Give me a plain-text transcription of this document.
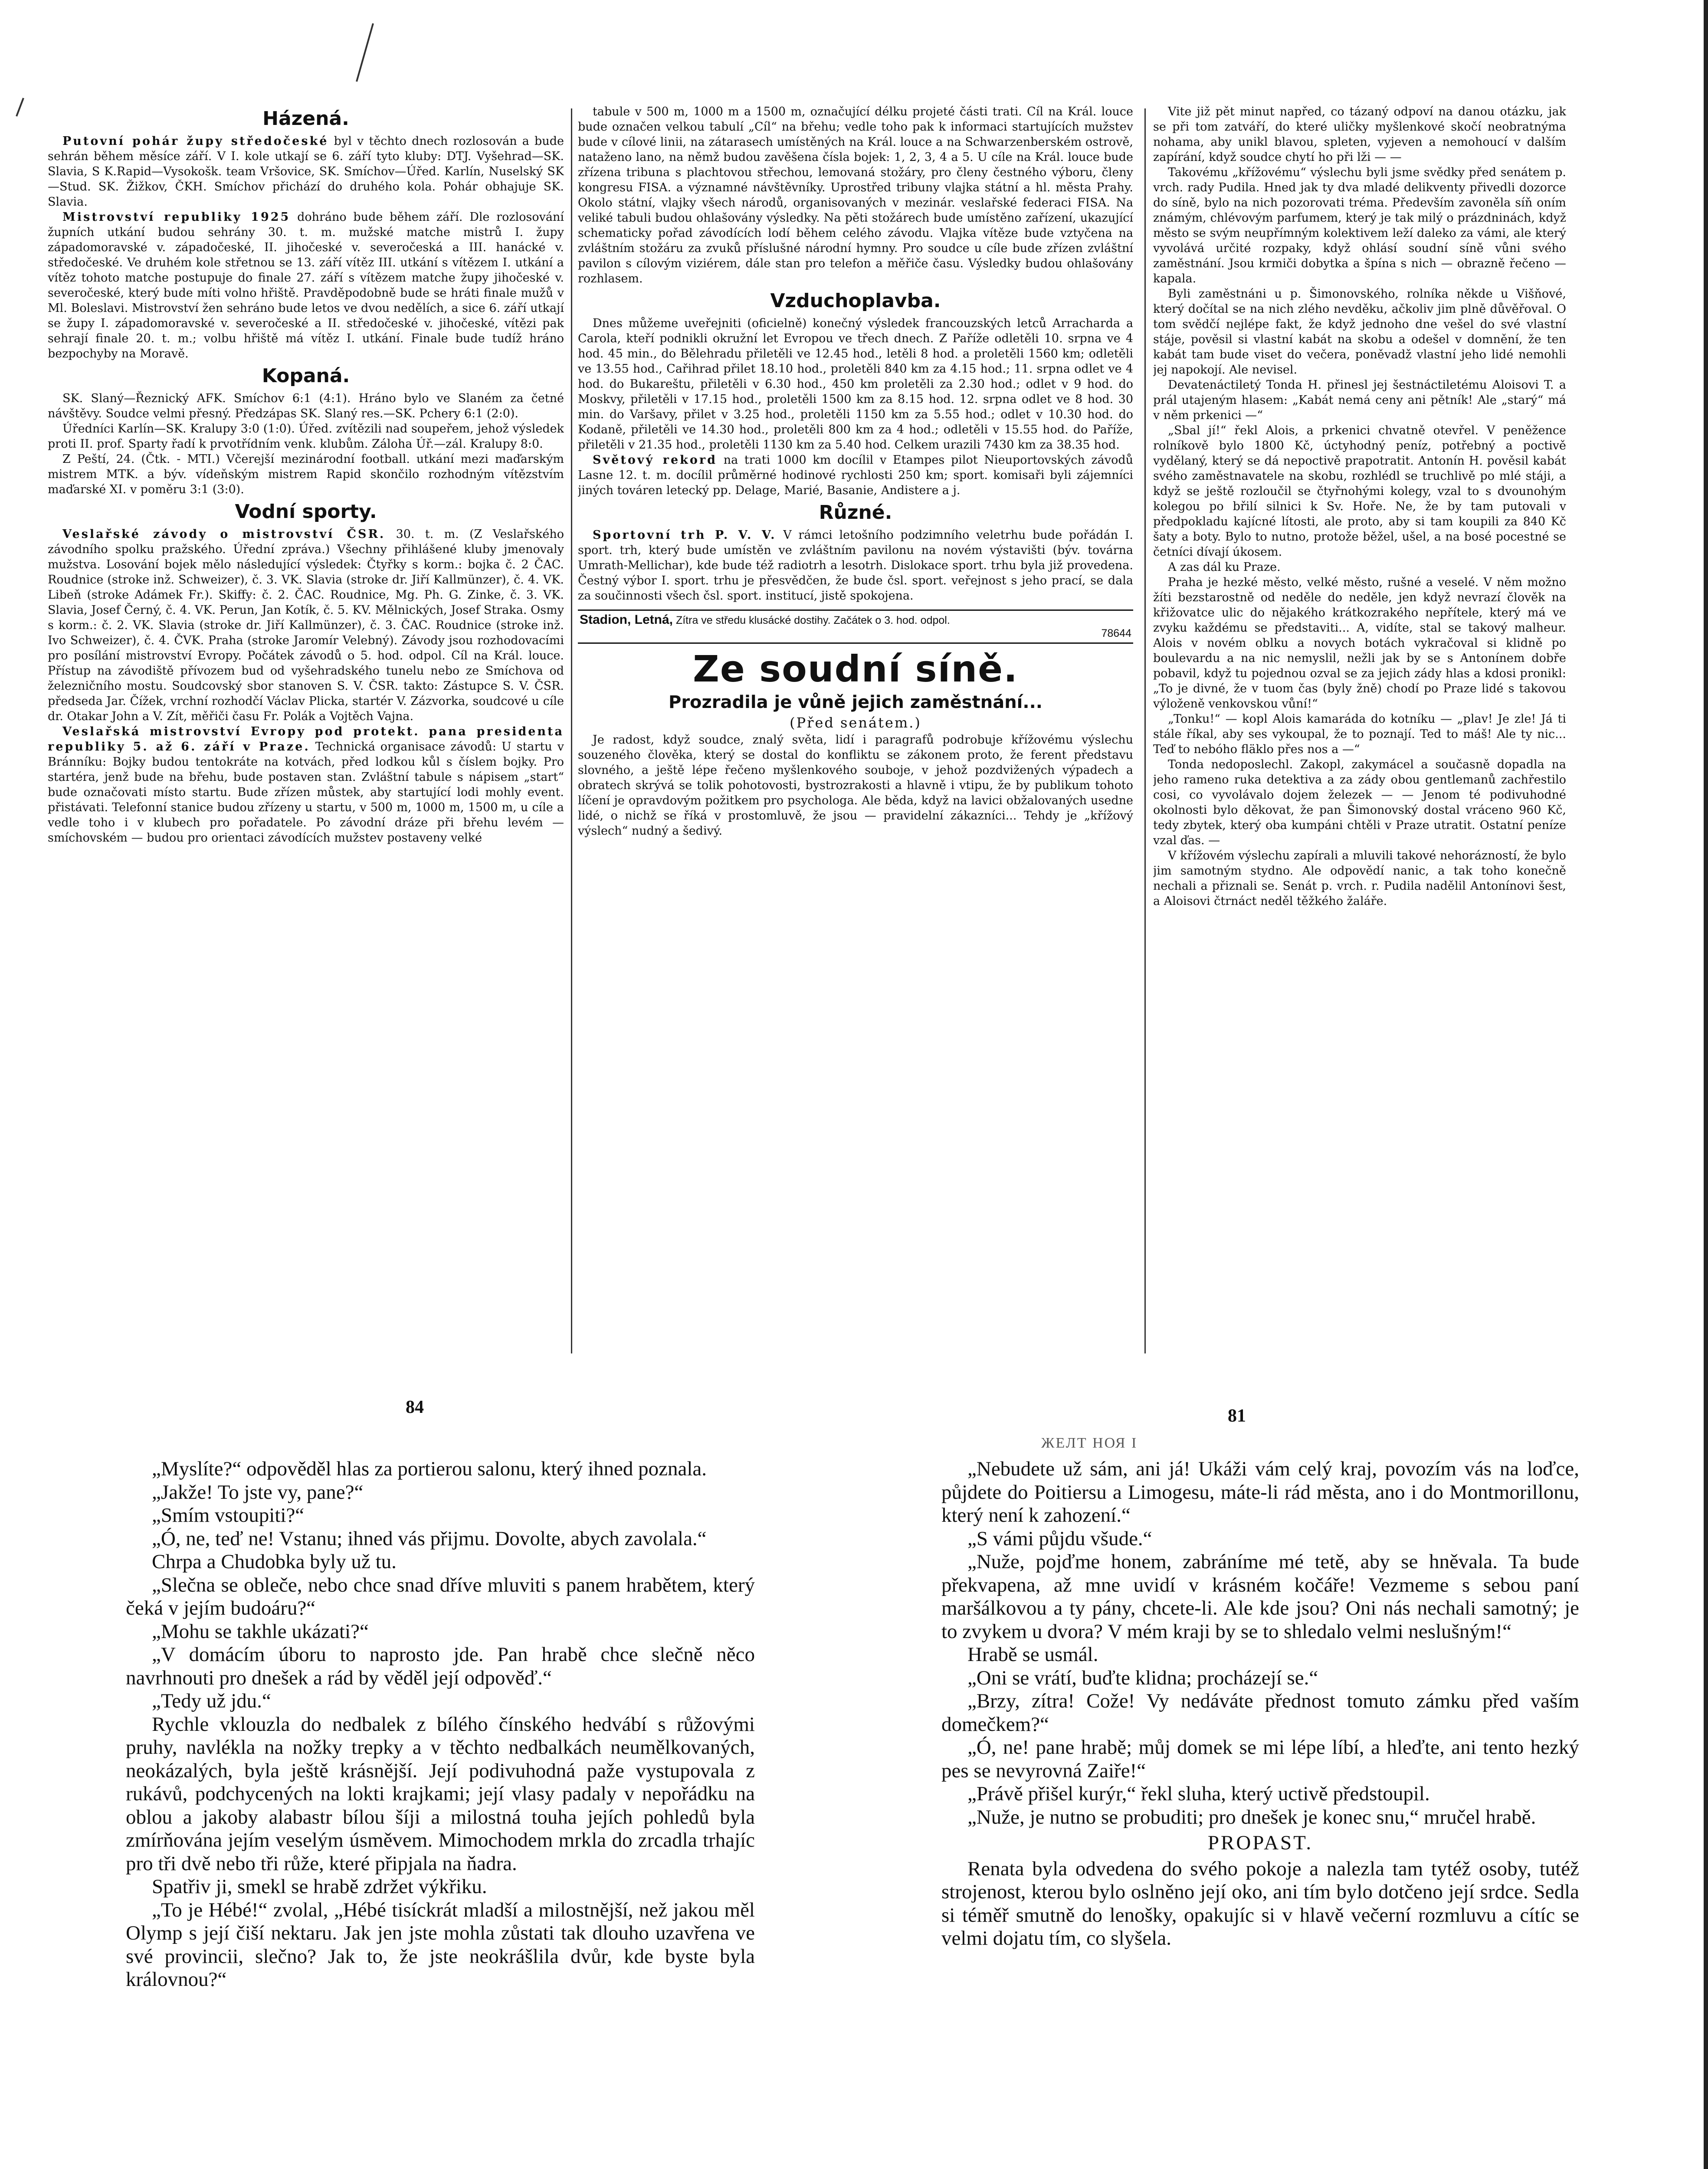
Házená.

Putovní pohár župy středočeské byl v těchto dnech rozlosován a bude sehrán během měsíce září. V I. kole utkají se 6. září tyto kluby: DTJ. Vyšehrad—SK. Slavia, S K.Rapid—Vysokošk. team Vršovice, SK. Smíchov—Úřed. Karlín, Nuselský SK—Stud. SK. Žižkov, ČKH. Smíchov přichází do druhého kola. Pohár obhajuje SK. Slavia.

Mistrovství republiky 1925 dohráno bude během září. Dle rozlosování župních utkání budou sehrány 30. t. m. mužské matche mistrů I. župy západomoravské v. západočeské, II. jihočeské v. severočeská a III. hanácké v. středočeské. Ve druhém kole střetnou se 13. září vítěz III. utkání s vítězem I. utkání a vítěz tohoto matche postupuje do finale 27. září s vítězem matche župy jihočeské v. severočeské, který bude míti volno hřiště. Pravděpodobně bude se hráti finale mužů v Ml. Boleslavi. Mistrovství žen sehráno bude letos ve dvou nedělích, a sice 6. září utkají se župy I. západomoravské v. severočeské a II. středočeské v. jihočeské, vítězi pak sehrají finale 20. t. m.; volbu hřiště má vítěz I. utkání. Finale bude tudíž hráno bezpochyby na Moravě.

Kopaná.

SK. Slaný—Řeznický AFK. Smíchov 6:1 (4:1). Hráno bylo ve Slaném za četné návštěvy. Soudce velmi přesný. Předzápas SK. Slaný res.—SK. Pchery 6:1 (2:0).

Úředníci Karlín—SK. Kralupy 3:0 (1:0). Úřed. zvítězili nad soupeřem, jehož výsledek proti II. prof. Sparty řadí k prvotřídním venk. klubům. Záloha Úř.—zál. Kralupy 8:0.

Z Peští, 24. (Čtk. - MTI.) Včerejší mezinárodní football. utkání mezi maďarským mistrem MTK. a býv. vídeňským mistrem Rapid skončilo rozhodným vítězstvím maďarské XI. v poměru 3:1 (3:0).

Vodní sporty.

Veslařské závody o mistrovství ČSR. 30. t. m. (Z Veslařského závodního spolku pražského. Úřední zpráva.) Všechny přihlášené kluby jmenovaly mužstva. Losování bojek mělo následující výsledek: Čtyřky s korm.: bojka č. 2 ČAC. Roudnice (stroke inž. Schweizer), č. 3. VK. Slavia (stroke dr. Jiří Kallmünzer), č. 4. VK. Libeň (stroke Adámek Fr.). Skiffy: č. 2. ČAC. Roudnice, Mg. Ph. G. Zinke, č. 3. VK. Slavia, Josef Černý, č. 4. VK. Perun, Jan Kotík, č. 5. KV. Mělnických, Josef Straka. Osmy s korm.: č. 2. VK. Slavia (stroke dr. Jiří Kallmünzer), č. 3. ČAC. Roudnice (stroke inž. Ivo Schweizer), č. 4. ČVK. Praha (stroke Jaromír Velebný). Závody jsou rozhodovacími pro posílání mistrovství Evropy. Počátek závodů o 5. hod. odpol. Cíl na Král. louce. Přístup na závodiště přívozem bud od vyšehradského tunelu nebo ze Smíchova od železničního mostu. Soudcovský sbor stanoven S. V. ČSR. takto: Zástupce S. V. ČSR. předseda Jar. Čížek, vrchní rozhodčí Václav Plicka, startér V. Zázvorka, soudcové u cíle dr. Otakar John a V. Zít, měřiči času Fr. Polák a Vojtěch Vajna.

Veslařská mistrovství Evropy pod protekt. pana presidenta republiky 5. až 6. září v Praze. Technická organisace závodů: U startu v Bránníku: Bojky budou tentokráte na kotvách, před lodkou kůl s číslem bojky. Pro startéra, jenž bude na břehu, bude postaven stan. Zvláštní tabule s nápisem „start“ bude označovati místo startu. Bude zřízen můstek, aby startující lodi mohly event. přistávati. Telefonní stanice budou zřízeny u startu, v 500 m, 1000 m, 1500 m, u cíle a vedle toho i v klubech pro pořadatele. Po závodní dráze při břehu levém — smíchovském — budou pro orientaci závodících mužstev postaveny velké

tabule v 500 m, 1000 m a 1500 m, označující délku projeté části trati. Cíl na Král. louce bude označen velkou tabulí „Cíl“ na břehu; vedle toho pak k informaci startujících mužstev bude v cílové linii, na zátarasech umístěných na Král. louce a na Schwarzenberském ostrově, nataženo lano, na němž budou zavěšena čísla bojek: 1, 2, 3, 4 a 5. U cíle na Král. louce bude zřízena tribuna s plachtovou střechou, lemovaná stožáry, pro členy čestného výboru, členy kongresu FISA. a významné návštěvníky. Uprostřed tribuny vlajka státní a hl. města Prahy. Okolo státní, vlajky všech národů, organisovaných v mezinár. veslařské federaci FISA. Na veliké tabuli budou ohlašovány výsledky. Na pěti stožárech bude umístěno zařízení, ukazující schematicky pořad závodících lodí během celého závodu. Vlajka vítěze bude vztyčena na zvláštním stožáru za zvuků příslušné národní hymny. Pro soudce u cíle bude zřízen zvláštní pavilon s cílovým viziérem, dále stan pro telefon a měřiče času. Výsledky budou ohlašovány rozhlasem.

Vzduchoplavba.

Dnes můžeme uveřejniti (oficielně) konečný výsledek francouzských letců Arracharda a Carola, kteří podnikli okružní let Evropou ve třech dnech. Z Paříže odletěli 10. srpna ve 4 hod. 45 min., do Bělehradu přiletěli ve 12.45 hod., letěli 8 hod. a proletěli 1560 km; odletěli ve 13.55 hod., Cařihrad přilet 18.10 hod., proletěli 840 km za 4.15 hod.; 11. srpna odlet ve 4 hod. do Bukareštu, přiletěli v 6.30 hod., 450 km proletěli za 2.30 hod.; odlet v 9 hod. do Moskvy, přiletěli v 17.15 hod., proletěli 1500 km za 8.15 hod. 12. srpna odlet ve 8 hod. 30 min. do Varšavy, přilet v 3.25 hod., proletěli 1150 km za 5.55 hod.; odlet v 10.30 hod. do Kodaně, přiletěli ve 14.30 hod., proletěli 800 km za 4 hod.; odletěli v 15.55 hod. do Paříže, přiletěli v 21.35 hod., proletěli 1130 km za 5.40 hod. Celkem urazili 7430 km za 38.35 hod.

Světový rekord na trati 1000 km docílil v Etampes pilot Nieuportovských závodů Lasne 12. t. m. docílil průměrné hodinové rychlosti 250 km; sport. komisaři byli zájemníci jiných továren letecký pp. Delage, Marié, Basanie, Andistere a j.

Různé.

Sportovní trh P. V. V. V rámci letošního podzimního veletrhu bude pořádán I. sport. trh, který bude umístěn ve zvláštním pavilonu na novém výstavišti (býv. továrna Umrath-Mellichar), kde bude též radiotrh a lesotrh. Dislokace sport. trhu byla již provedena. Čestný výbor I. sport. trhu je přesvědčen, že bude čsl. sport. veřejnost s jeho prací, se dala za součinnosti všech čsl. sport. institucí, jistě spokojena.

Stadion, Letná, Zítra ve středu klusácké dostihy. Začátek o 3. hod. odpol.
78644
Ze soudní síně.
Prozradila je vůně jejich zaměstnání...
(Před senátem.)

Je radost, když soudce, znalý světa, lidí i paragrafů podrobuje křížovému výslechu souzeného člověka, který se dostal do konfliktu se zákonem proto, že ferent představu slovného, a ještě lépe řečeno myšlenkového souboje, v jehož pozdvižených výpadech a obratech skrývá se tolik pohotovosti, bystrozrakosti a hlavně i vtipu, že by publikum tohoto líčení je opravdovým požitkem pro psychologa. Ale běda, když na lavici obžalovaných usedne lidé, o nichž se říká v prostomluvě, že jsou — pravidelní zákazníci... Tehdy je „křížový výslech“ nudný a šedivý.

Vite již pět minut napřed, co tázaný odpoví na danou otázku, jak se při tom zatváří, do které uličky myšlenkové skočí neobratnýma nohama, aby unikl blavou, spleten, vyjeven a nemohoucí v dalším zapírání, když soudce chytí ho při lži — —

Takovému „křížovému“ výslechu byli jsme svědky před senátem p. vrch. rady Pudila. Hned jak ty dva mladé delikventy přivedli dozorce do síně, bylo na nich pozorovati tréma. Především zavoněla síň oním známým, chlévovým parfumem, který je tak milý o prázdninách, když město se svým neupřímným kolektivem leží daleko za vámi, ale který vyvolává určité rozpaky, když ohlásí soudní síně vůni svého zaměstnání. Jsou krmiči dobytka a špína s nich — obrazně řečeno — kapala.

Byli zaměstnáni u p. Šimonovského, rolníka někde u Višňové, který dočítal se na nich zlého nevděku, ačkoliv jim plně důvěřoval. O tom svědčí nejlépe fakt, že když jednoho dne vešel do své vlastní stáje, pověsil si vlastní kabát na skobu a odešel v domnění, že ten kabát tam bude viset do večera, poněvadž vlastní jeho lidé nemohli jej napokojí. Ale nevisel.

Devatenáctiletý Tonda H. přinesl jej šestnáctiletému Aloisovi T. a prál utajeným hlasem: „Kabát nemá ceny ani pětník! Ale „starý“ má v něm prkenici —“

„Sbal jí!“ řekl Alois, a prkenici chvatně otevřel. V peněžence rolníkově bylo 1800 Kč, úctyhodný peníz, potřebný a poctivě vydělaný, který se dá nepoctivě prapotratit. Antonín H. pověsil kabát svého zaměstnavatele na skobu, rozhlédl se truchlivě po mlé stáji, a když se ještě rozloučil se čtyřnohými kolegy, vzal to s dvounohým kolegou po břilí silnici k Sv. Hoře. Ne, že by tam putovali v předpokladu kajícné lítosti, ale proto, aby si tam koupili za 840 Kč šaty a boty. Bylo to nutno, protože běžel, ušel, a na bosé pocestné se četníci dívají úkosem.

A zas dál ku Praze.

Praha je hezké město, velké město, rušné a veselé. V něm možno žíti bezstarostně od neděle do neděle, jen když nevrazí člověk na křižovatce ulic do nějakého krátkozrakého nepřítele, který má ve zvyku každému se představiti... A, vidíte, stal se takový malheur. Alois v novém oblku a novych botách vykračoval si klidně po boulevardu a na nic nemyslil, nežli jak by se s Antonínem dobře pobavil, když tu pojednou ozval se za jejich zády hlas a kdosi pronikl: „To je divné, že v tuom čas (byly žně) chodí po Praze lidé s takovou výloženě venkovskou vůní!“

„Tonku!“ — kopl Alois kamaráda do kotníku — „plav! Je zle! Já ti stále říkal, aby ses vykoupal, že to poznají. Ted to máš! Ale ty nic... Teď to nebóho fläklo přes nos a —“

Tonda nedoposlechl. Zakopl, zakymácel a současně dopadla na jeho rameno ruka detektiva a za zády obou gentlemanů zachřestilo cosi, co vyvolávalo dojem železek — — Jenom té podivuhodné okolnosti bylo děkovat, že pan Šimonovský dostal vráceno 960 Kč, tedy zbytek, který oba kumpáni chtěli v Praze utratit. Ostatní peníze vzal ďas. —

V křížovém výslechu zapírali a mluvili takové nehorázností, že bylo jim samotným stydno. Ale odpovědí nanic, a tak toho konečně nechali a přiznali se. Senát p. vrch. r. Pudila nadělil Antonínovi šest, a Aloisovi čtrnáct neděl těžkého žaláře.

84	81
ЖЕЛТ НОЯ I

„Myslíte?“ odpověděl hlas za portierou salonu, který ihned poznala.

„Jakže! To jste vy, pane?“

„Smím vstoupiti?“

„Ó, ne, teď ne! Vstanu; ihned vás přijmu. Dovolte, abych zavolala.“

Chrpa a Chudobka byly už tu.

„Slečna se obleče, nebo chce snad dříve mluviti s panem hrabětem, který čeká v jejím budoáru?“

„Mohu se takhle ukázati?“

„V domácím úboru to naprosto jde. Pan hrabě chce slečně něco navrhnouti pro dnešek a rád by věděl její odpověď.“

„Tedy už jdu.“

Rychle vklouzla do nedbalek z bílého čínského hedvábí s růžovými pruhy, navlékla na nožky trepky a v těchto nedbalkách neumělkovaných, neokázalých, byla ještě krásnější. Její podivuhodná paže vystupovala z rukávů, podchycených na lokti krajkami; její vlasy padaly v nepořádku na oblou a jakoby alabastr bílou šíji a milostná touha jejích pohledů byla zmírňována jejím veselým úsměvem. Mimochodem mrkla do zrcadla trhajíc pro tři dvě nebo tři růže, které připjala na ňadra.

Spatřiv ji, smekl se hrabě zdržet výkřiku.

„To je Hébé!“ zvolal, „Hébé tisíckrát mladší a milostnější, než jakou měl Olymp s její čiší nektaru. Jak jen jste mohla zůstati tak dlouho uzavřena ve své provincii, slečno? Jak to, že jste neokrášlila dvůr, kde byste byla královnou?“

„Nebudete už sám, ani já! Ukáži vám celý kraj, povozím vás na loďce, půjdete do Poitiersu a Limogesu, máte-li rád města, ano i do Montmorillonu, který není k zahození.“

„S vámi půjdu všude.“

„Nuže, pojďme honem, zabráníme mé tetě, aby se hněvala. Ta bude překvapena, až mne uvidí v krásném kočáře! Vezmeme s sebou paní maršálkovou a ty pány, chcete-li. Ale kde jsou? Oni nás nechali samotný; je to zvykem u dvora? V mém kraji by se to shledalo velmi neslušným!“

Hrabě se usmál.

„Oni se vrátí, buďte klidna; procházejí se.“

„Brzy, zítra! Cože! Vy nedáváte přednost tomuto zámku před vaším domečkem?“

„Ó, ne! pane hrabě; můj domek se mi lépe líbí, a hleďte, ani tento hezký pes se nevyrovná Zaiře!“

„Právě přišel kurýr,“ řekl sluha, který uctivě předstoupil.

„Nuže, je nutno se probuditi; pro dnešek je konec snu,“ mručel hrabě.

PROPAST.

Renata byla odvedena do svého pokoje a nalezla tam tytéž osoby, tutéž strojenost, kterou bylo oslněno její oko, ani tím bylo dotčeno její srdce. Sedla si téměř smutně do lenošky, opakujíc si v hlavě večerní rozmluvu a cítíc se velmi dojatu tím, co slyšela.
